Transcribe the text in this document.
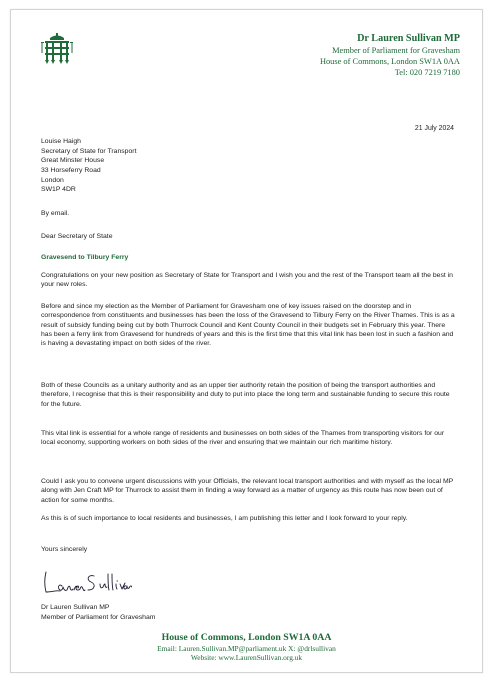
Dr Lauren Sullivan MP
Member of Parliament for Gravesham
House of Commons, London SW1A 0AA
Tel: 020 7219 7180
21 July 2024
Louise Haigh
Secretary of State for Transport
Great Minster House
33 Horseferry Road
London
SW1P 4DR

By email.

Dear Secretary of State

Gravesend to Tilbury Ferry

Congratulations on your new position as Secretary of State for Transport and I wish you and the rest of the Transport team all the best in your new roles.

Before and since my election as the Member of Parliament for Gravesham one of key issues raised on the doorstep and in correspondence from constituents and businesses has been the loss of the Gravesend to Tilbury Ferry on the River Thames. This is as a result of subsidy funding being cut by both Thurrock Council and Kent County Council in their budgets set in February this year. There has been a ferry link from Gravesend for hundreds of years and this is the first time that this vital link has been lost in such a fashion and is having a devastating impact on both sides of the river.

Both of these Councils as a unitary authority and as an upper tier authority retain the position of being the transport authorities and therefore, I recognise that this is their responsibility and duty to put into place the long term and sustainable funding to secure this route for the future.

This vital link is essential for a whole range of residents and businesses on both sides of the Thames from transporting visitors for our local economy, supporting workers on both sides of the river and ensuring that we maintain our rich maritime history.

Could I ask you to convene urgent discussions with your Officials, the relevant local transport authorities and with myself as the local MP along with Jen Craft MP for Thurrock to assist them in finding a way forward as a matter of urgency as this route has now been out of action for some months.

As this is of such importance to local residents and businesses, I am publishing this letter and I look forward to your reply.

Yours sincerely

Dr Lauren Sullivan MP

Member of Parliament for Gravesham

House of Commons, London SW1A 0AA
Email: Lauren.Sullivan.MP@parliament.uk X: @drlsullivan
Website: www.LaurenSullivan.org.uk
